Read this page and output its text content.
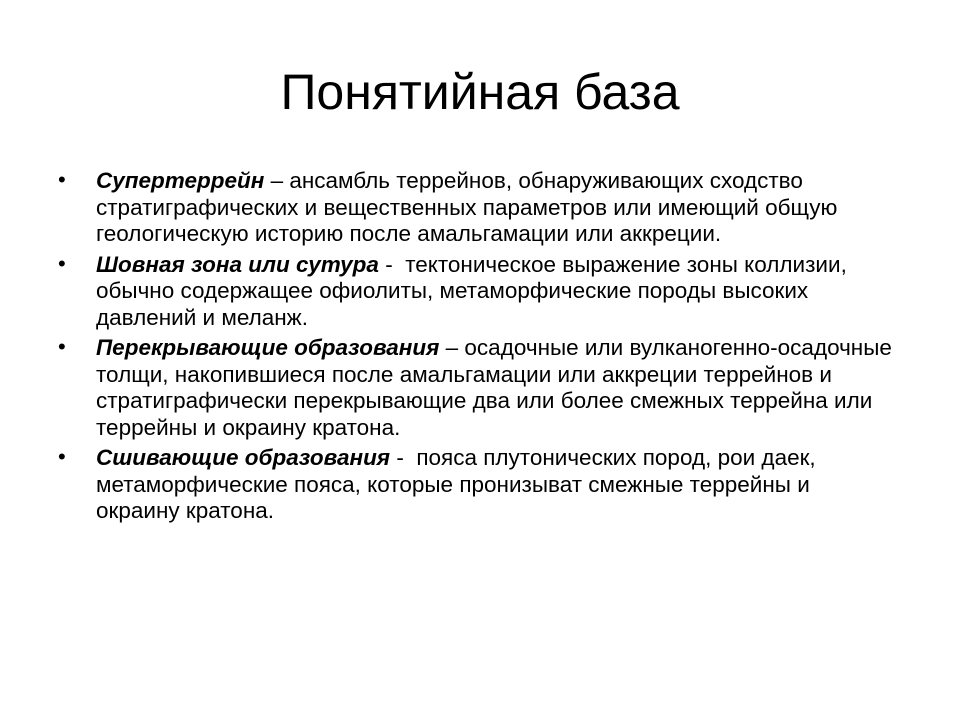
Понятийная база
• Супертеррейн – ансамбль террейнов, обнаруживающих сходство стратиграфических и вещественных параметров или имеющий общую геологическую историю после амальгамации или аккреции.
• Шовная зона или сутура -  тектоническое выражение зоны коллизии, обычно содержащее офиолиты, метаморфические породы высоких давлений и меланж.
• Перекрывающие образования – осадочные или вулканогенно-осадочные толщи, накопившиеся после амальгамации или аккреции террейнов и стратиграфически перекрывающие два или более смежных террейна или террейны и окраину кратона.
• Сшивающие образования -  пояса плутонических пород, рои даек, метаморфические пояса, которые пронизыват смежные террейны и окраину кратона.
